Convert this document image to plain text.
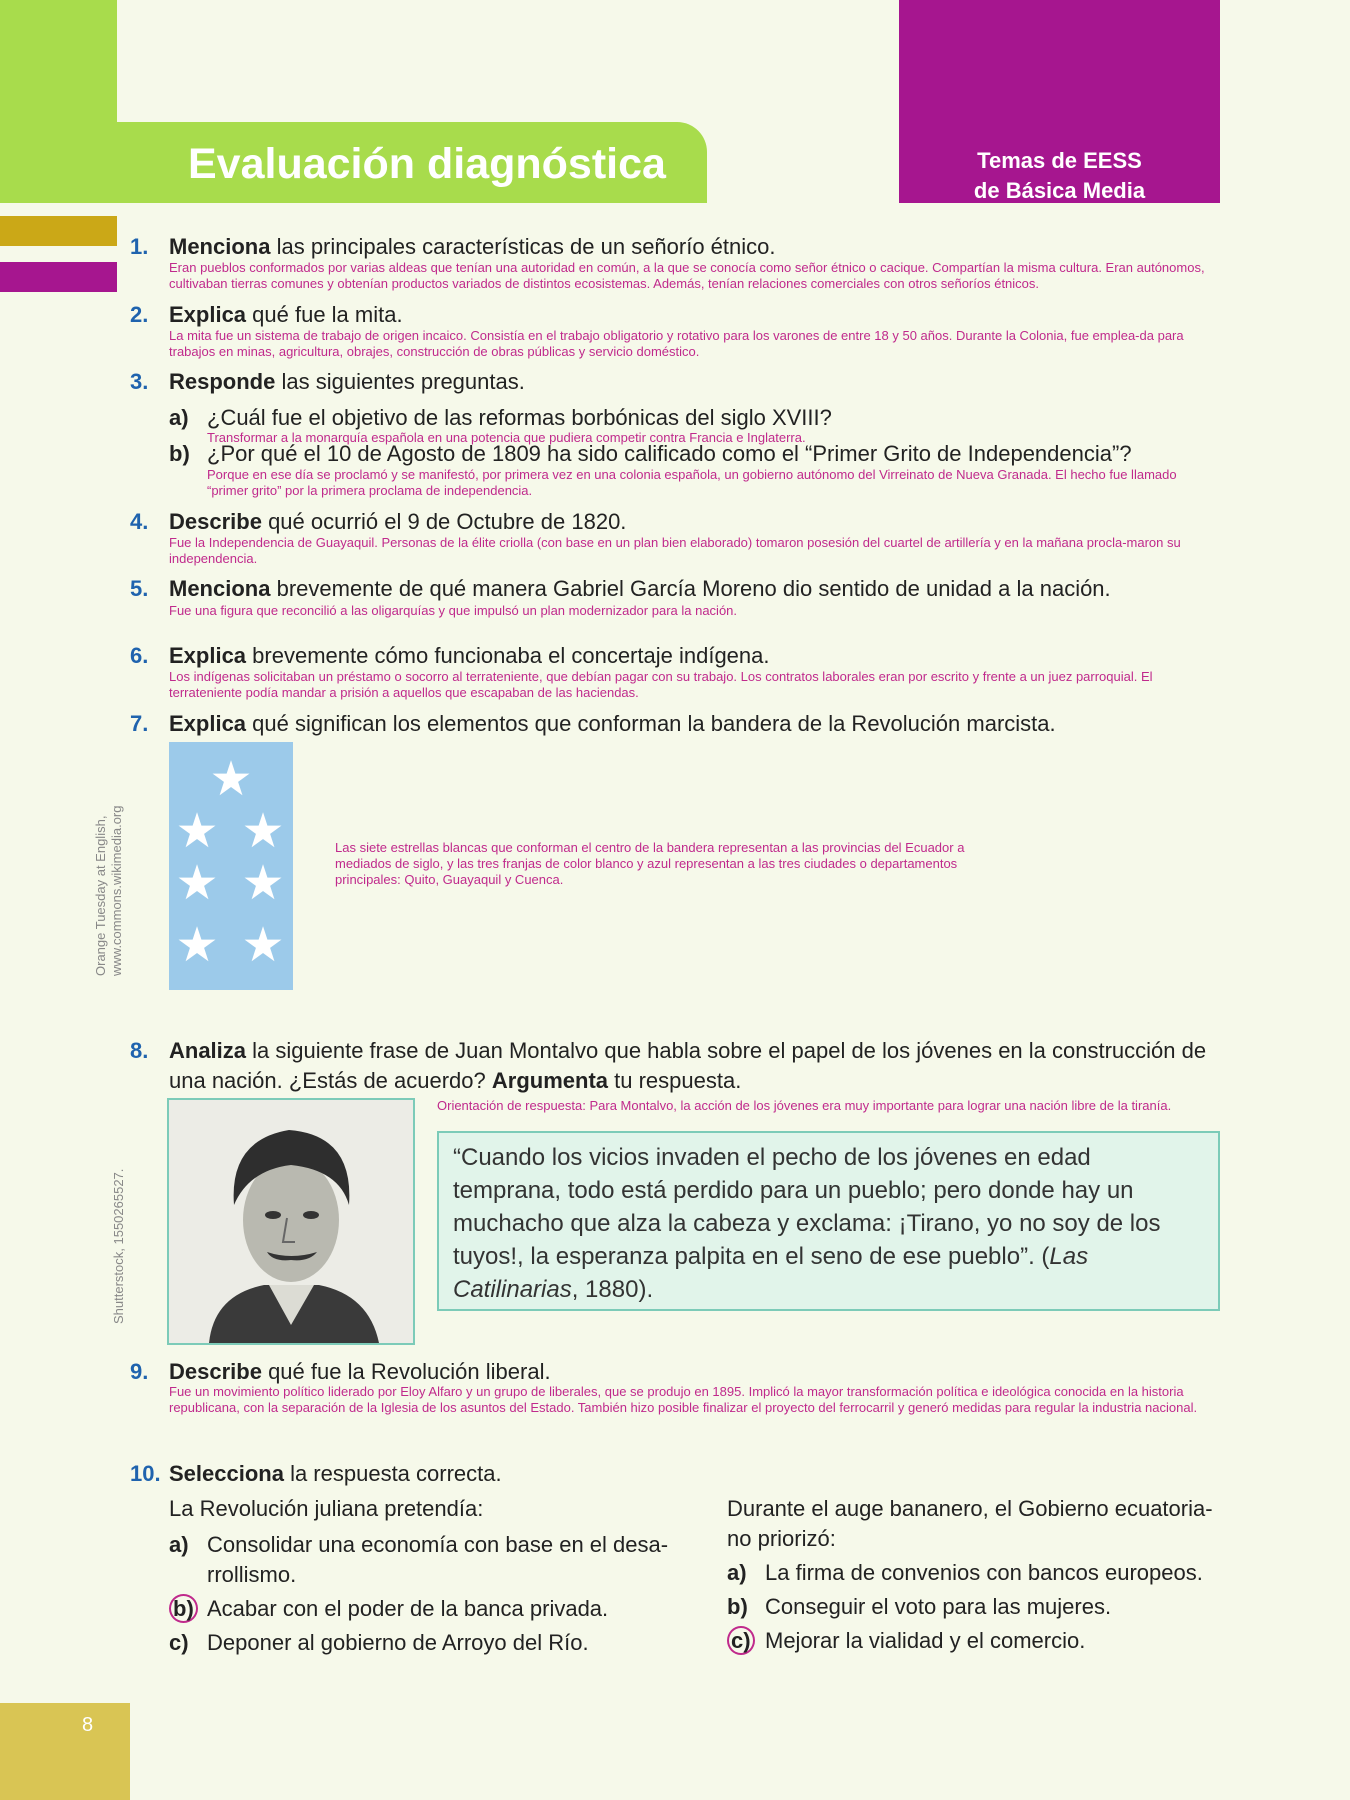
Evaluación diagnóstica	Temas de EESS
de Básica Media
1. Menciona las principales características de un señorío étnico.
Eran pueblos conformados por varias aldeas que tenían una autoridad en común, a la que se conocía como señor étnico o cacique. Compartían la misma cultura. Eran autónomos, cultivaban tierras comunes y obtenían productos variados de distintos ecosistemas. Además, tenían relaciones comerciales con otros señoríos étnicos.
2. Explica qué fue la mita.
La mita fue un sistema de trabajo de origen incaico. Consistía en el trabajo obligatorio y rotativo para los varones de entre 18 y 50 años. Durante la Colonia, fue emplea-da para trabajos en minas, agricultura, obrajes, construcción de obras públicas y servicio doméstico.
3. Responde las siguientes preguntas.
a) ¿Cuál fue el objetivo de las reformas borbónicas del siglo XVIII?
Transformar a la monarquía española en una potencia que pudiera competir contra Francia e Inglaterra.
b) ¿Por qué el 10 de Agosto de 1809 ha sido calificado como el “Primer Grito de Independencia”?
Porque en ese día se proclamó y se manifestó, por primera vez en una colonia española, un gobierno autónomo del Virreinato de Nueva Granada. El hecho fue llamado “primer grito” por la primera proclama de independencia.
4. Describe qué ocurrió el 9 de Octubre de 1820.
Fue la Independencia de Guayaquil. Personas de la élite criolla (con base en un plan bien elaborado) tomaron posesión del cuartel de artillería y en la mañana procla-maron su independencia.
5. Menciona brevemente de qué manera Gabriel García Moreno dio sentido de unidad a la nación.
Fue una figura que reconcilió a las oligarquías y que impulsó un plan modernizador para la nación.
6. Explica brevemente cómo funcionaba el concertaje indígena.
Los indígenas solicitaban un préstamo o socorro al terrateniente, que debían pagar con su trabajo. Los contratos laborales eran por escrito y frente a un juez parroquial. El terrateniente podía mandar a prisión a aquellos que escapaban de las haciendas.
7. Explica qué significan los elementos que conforman la bandera de la Revolución marcista.
★
★ ★
★ ★
★ ★
Las siete estrellas blancas que conforman el centro de la bandera representan a las provincias del Ecuador a mediados de siglo, y las tres franjas de color blanco y azul representan a las tres ciudades o departamentos principales: Quito, Guayaquil y Cuenca.
Orange Tuesday at English, www.commons.wikimedia.org
8. Analiza la siguiente frase de Juan Montalvo que habla sobre el papel de los jóvenes en la construcción de
una nación. ¿Estás de acuerdo? Argumenta tu respuesta.
Orientación de respuesta: Para Montalvo, la acción de los jóvenes era muy importante para lograr una nación libre de la tiranía.
“Cuando los vicios invaden el pecho de los jóvenes en edad temprana, todo está perdido para un pueblo; pero donde hay un muchacho que alza la cabeza y exclama: ¡Tirano, yo no soy de los tuyos!, la esperanza palpita en el seno de ese pueblo”. (Las Catilinarias, 1880).
Shutterstock, 1550265527.
9. Describe qué fue la Revolución liberal.
Fue un movimiento político liderado por Eloy Alfaro y un grupo de liberales, que se produjo en 1895. Implicó la mayor transformación política e ideológica conocida en la historia republicana, con la separación de la Iglesia de los asuntos del Estado. También hizo posible finalizar el proyecto del ferrocarril y generó medidas para regular la industria nacional.
10. Selecciona la respuesta correcta.
La Revolución juliana pretendía:
a) Consolidar una economía con base en el desa-
rrollismo.
b) Acabar con el poder de la banca privada.
c) Deponer al gobierno de Arroyo del Río.
Durante el auge bananero, el Gobierno ecuatoria-
no priorizó:
a) La firma de convenios con bancos europeos.
b) Conseguir el voto para las mujeres.
c) Mejorar la vialidad y el comercio.
8
